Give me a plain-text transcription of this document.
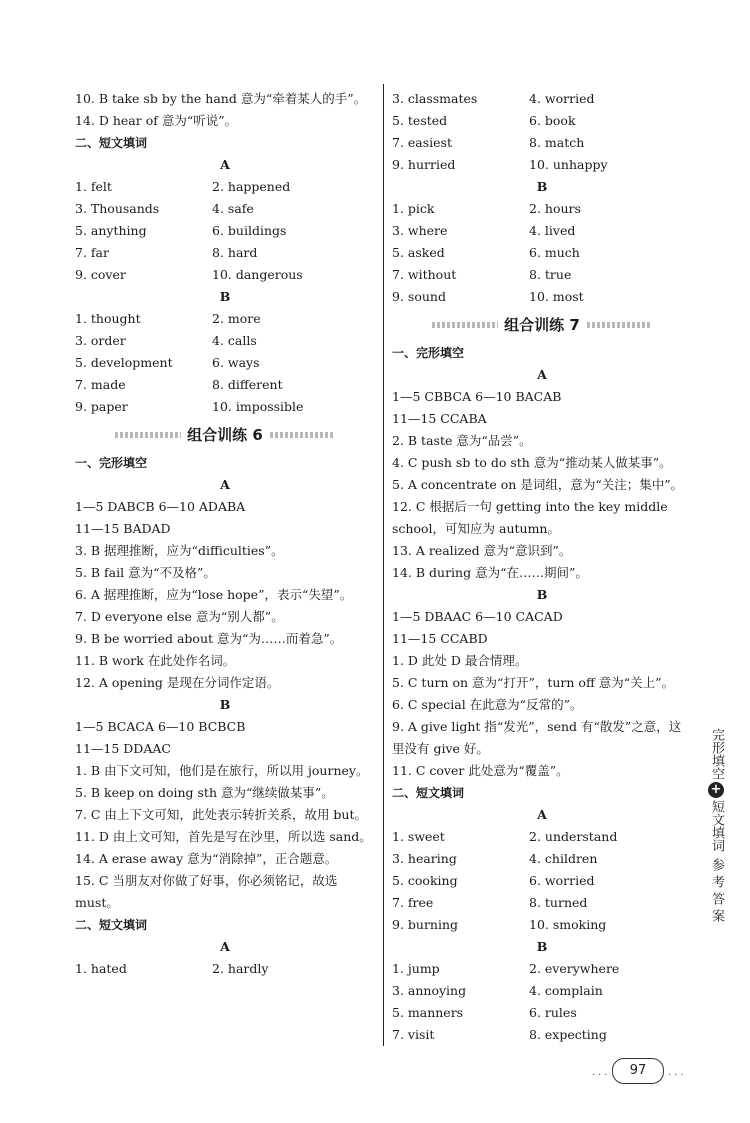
10. B take sb by the hand 意为“牵着某人的手”。
14. D hear of 意为“听说”。
二、短文填词
A
1. felt	2. happened
3. Thousands	4. safe
5. anything	6. buildings
7. far	8. hard
9. cover	10. dangerous
B
1. thought	2. more
3. order	4. calls
5. development	6. ways
7. made	8. different
9. paper	10. impossible
组合训练 6
一、完形填空
A
1—5 DABCB 6—10 ADABA
11—15 BADAD
3. B 据理推断，应为“difficulties”。
5. B fail 意为“不及格”。
6. A 据理推断，应为“lose hope”，表示“失望”。
7. D everyone else 意为“别人都”。
9. B be worried about 意为“为……而着急”。
11. B work 在此处作名词。
12. A opening 是现在分词作定语。
B
1—5 BCACA 6—10 BCBCB
11—15 DDAAC
1. B 由下文可知，他们是在旅行，所以用 journey。
5. B keep on doing sth 意为“继续做某事”。
7. C 由上下文可知，此处表示转折关系，故用 but。
11. D 由上文可知，首先是写在沙里，所以选 sand。
14. A erase away 意为“消除掉”，正合题意。
15. C 当朋友对你做了好事，你必须铭记，故选 must。
二、短文填词
A
1. hated	2. hardly
3. classmates	4. worried
5. tested	6. book
7. easiest	8. match
9. hurried	10. unhappy
B
1. pick	2. hours
3. where	4. lived
5. asked	6. much
7. without	8. true
9. sound	10. most
组合训练 7
一、完形填空
A
1—5 CBBCA 6—10 BACAB
11—15 CCABA
2. B taste 意为“品尝”。
4. C push sb to do sth 意为“推动某人做某事”。
5. A concentrate on 是词组，意为“关注；集中”。
12. C 根据后一句 getting into the key middle school，可知应为 autumn。
13. A realized 意为“意识到”。
14. B during 意为“在……期间”。
B
1—5 DBAAC 6—10 CACAD
11—15 CCABD
1. D 此处 D 最合情理。
5. C turn on 意为“打开”，turn off 意为“关上”。
6. C special 在此意为“反常的”。
9. A give light 指“发光”，send 有“散发”之意，这里没有 give 好。
11. C cover 此处意为“覆盖”。
二、短文填词
A
1. sweet	2. understand
3. hearing	4. children
5. cooking	6. worried
7. free	8. turned
9. burning	10. smoking
B
1. jump	2. everywhere
3. annoying	4. complain
5. manners	6. rules
7. visit	8. expecting
完形填空
+
短文填词
参考答案
···	97	···
